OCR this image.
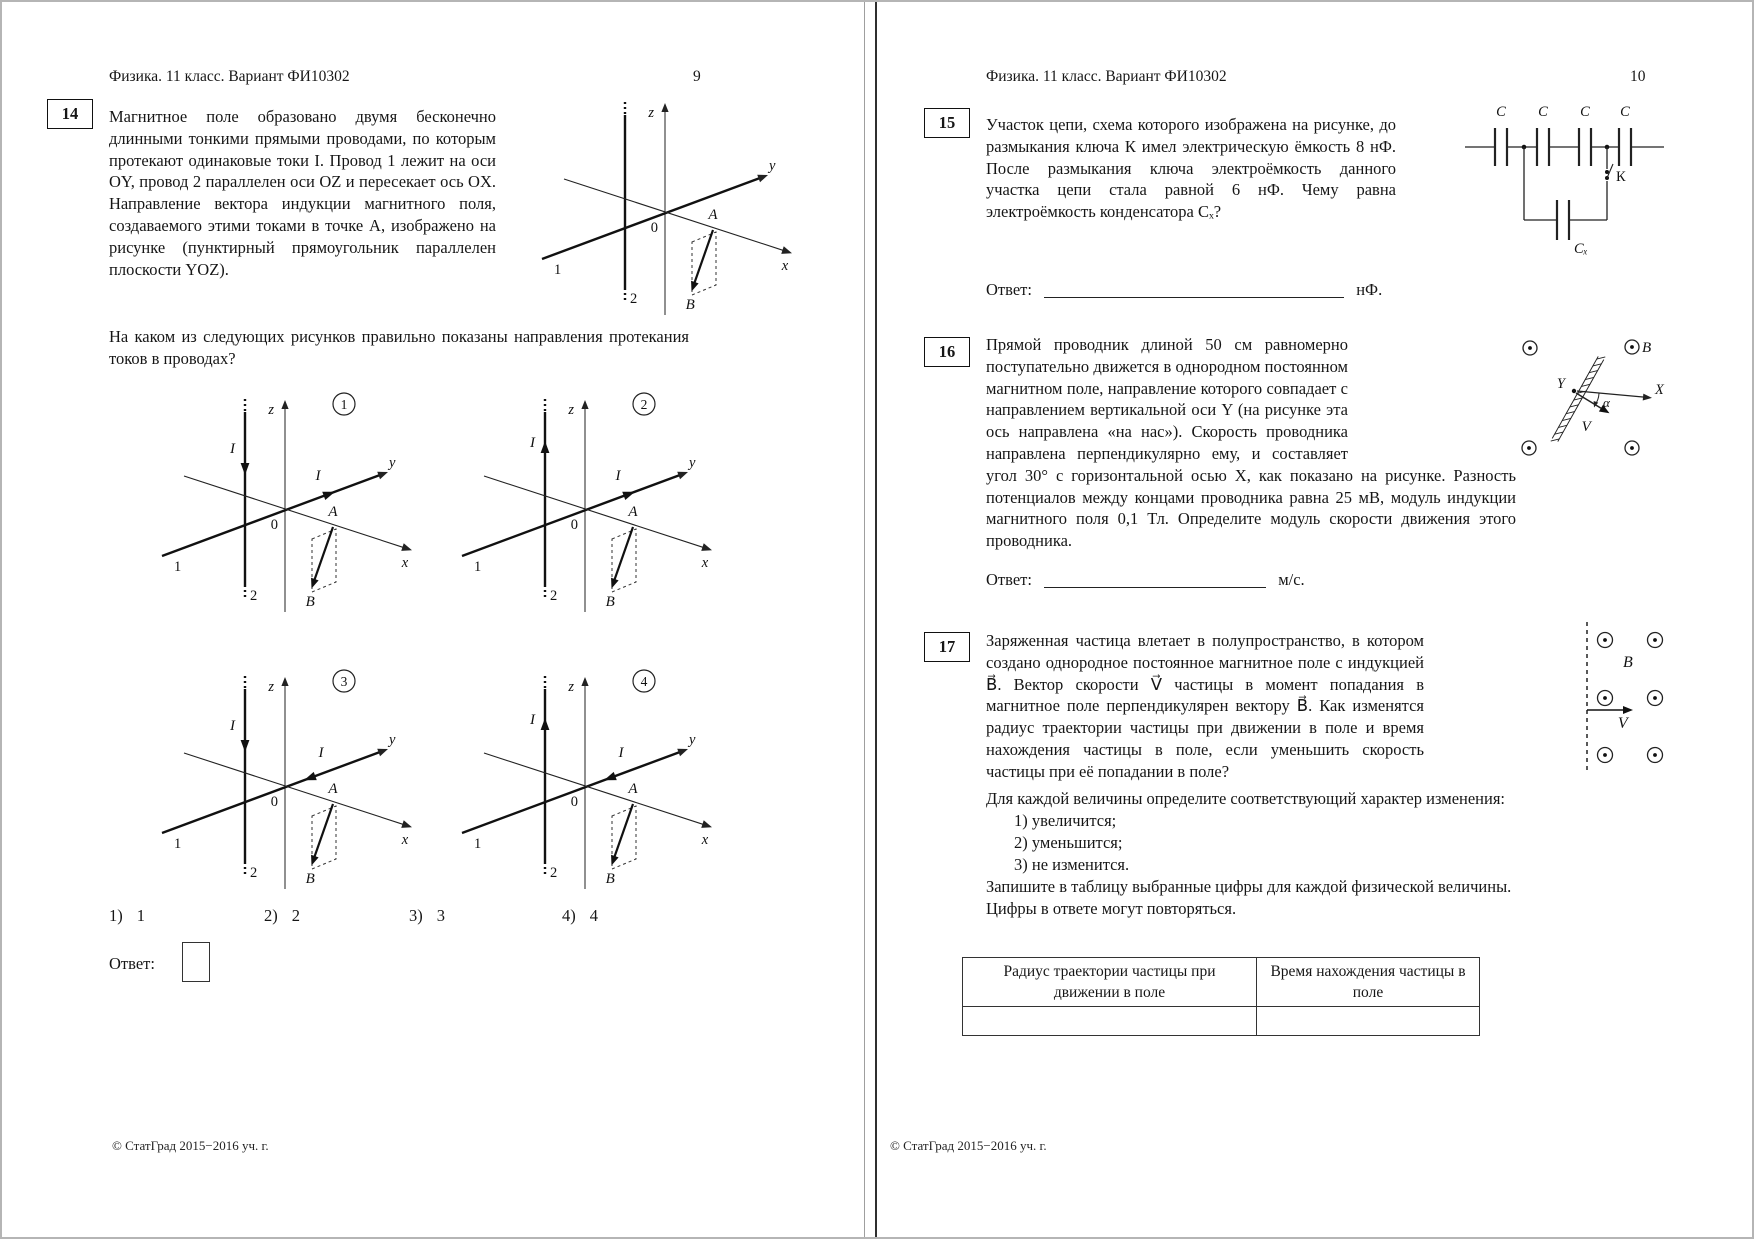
Физика. 11 класс. Вариант ФИ10302	9
14	Магнитное поле образовано двумя бесконечно длинными тонкими прямыми проводами, по которым протекают одинаковые токи I. Провод 1 лежит на оси OY, провод 2 параллелен оси OZ и пересекает ось OX. Направление вектора индукции магнитного поля, создаваемого этими токами в точке A, изображено на рисунке (пунктирный прямоугольник параллелен плоскости YOZ).
z
2
y
1	x
0
A
B⃗
На каком из следующих рисунков правильно показаны направления протекания токов в проводах?
z
2
y
1	x
0
A
B⃗
1
I
I
z
2
y
1	x
0
A
B⃗
2
I
I
z
2
y
1	x
0
A
B⃗
3
I
I
z
2
y
1	x
0
A
B⃗
4
I
I
1) 1	2) 2	3) 3	4) 4
Ответ:
© СтатГрад 2015−2016 уч. г.
Физика. 11 класс. Вариант ФИ10302	10
15	Участок цепи, схема которого изображена на рисунке, до размыкания ключа К имел электрическую ёмкость 8 нФ. После размыкания ключа электроёмкость данного участка цепи стала равной 6 нФ. Чему равна электроёмкость конденсатора Cₓ?
C C C C
Cₓ
К
Ответ:	нФ.
16	Прямой проводник длиной 50 см равномерно поступательно движется в однородном постоянном магнитном поле, направление которого совпадает с направлением вертикальной оси Y (на рисунке эта ось направлена «на нас»). Скорость проводника направлена перпендикулярно ему, и составляет угол 30° с горизонтальной осью X, как показано на рисунке. Разность потенциалов между концами проводника равна 25 мВ, модуль индукции магнитного поля 0,1 Тл. Определите модуль скорости движения этого проводника.
B⃗
Y	X
V⃗
α
Ответ:	м/с.
17	Заряженная частица влетает в полупространство, в котором создано однородное постоянное магнитное поле с индукцией B⃗. Вектор скорости V⃗ частицы в момент попадания в магнитное поле перпендикулярен вектору B⃗. Как изменятся радиус траектории частицы при движении в поле и время нахождения частицы в поле, если уменьшить скорость частицы при её попадании в поле?
B⃗
V⃗
Для каждой величины определите соответствующий характер изменения:
1) увеличится;
2) уменьшится;
3) не изменится.
Запишите в таблицу выбранные цифры для каждой физической величины.
Цифры в ответе могут повторяться.
Радиус траектории частицы при движении в поле	Время нахождения частицы в поле

© СтатГрад 2015−2016 уч. г.
